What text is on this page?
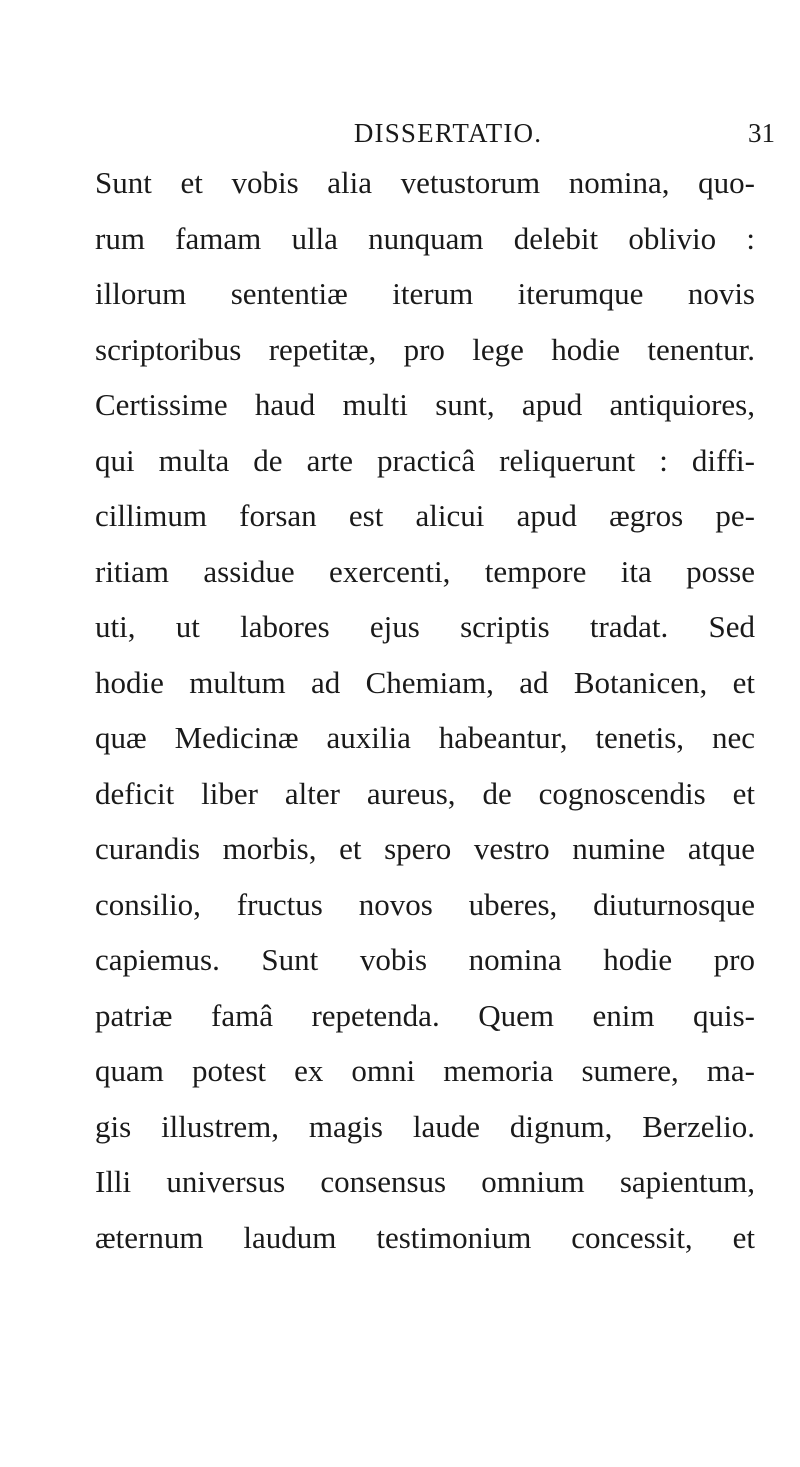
DISSERTATIO.	31
Sunt et vobis alia vetustorum nomina, quo-
rum famam ulla nunquam delebit oblivio :
illorum sententiæ iterum iterumque novis
scriptoribus repetitæ, pro lege hodie tenentur.
Certissime haud multi sunt, apud antiquiores,
qui multa de arte practicâ reliquerunt : diffi-
cillimum forsan est alicui apud ægros pe-
ritiam assidue exercenti, tempore ita posse
uti, ut labores ejus scriptis tradat. Sed
hodie multum ad Chemiam, ad Botanicen, et
quæ Medicinæ auxilia habeantur, tenetis, nec
deficit liber alter aureus, de cognoscendis et
curandis morbis, et spero vestro numine atque
consilio, fructus novos uberes, diuturnosque
capiemus. Sunt vobis nomina hodie pro
patriæ famâ repetenda. Quem enim quis-
quam potest ex omni memoria sumere, ma-
gis illustrem, magis laude dignum, Berzelio.
Illi universus consensus omnium sapientum,
æternum laudum testimonium concessit, et
